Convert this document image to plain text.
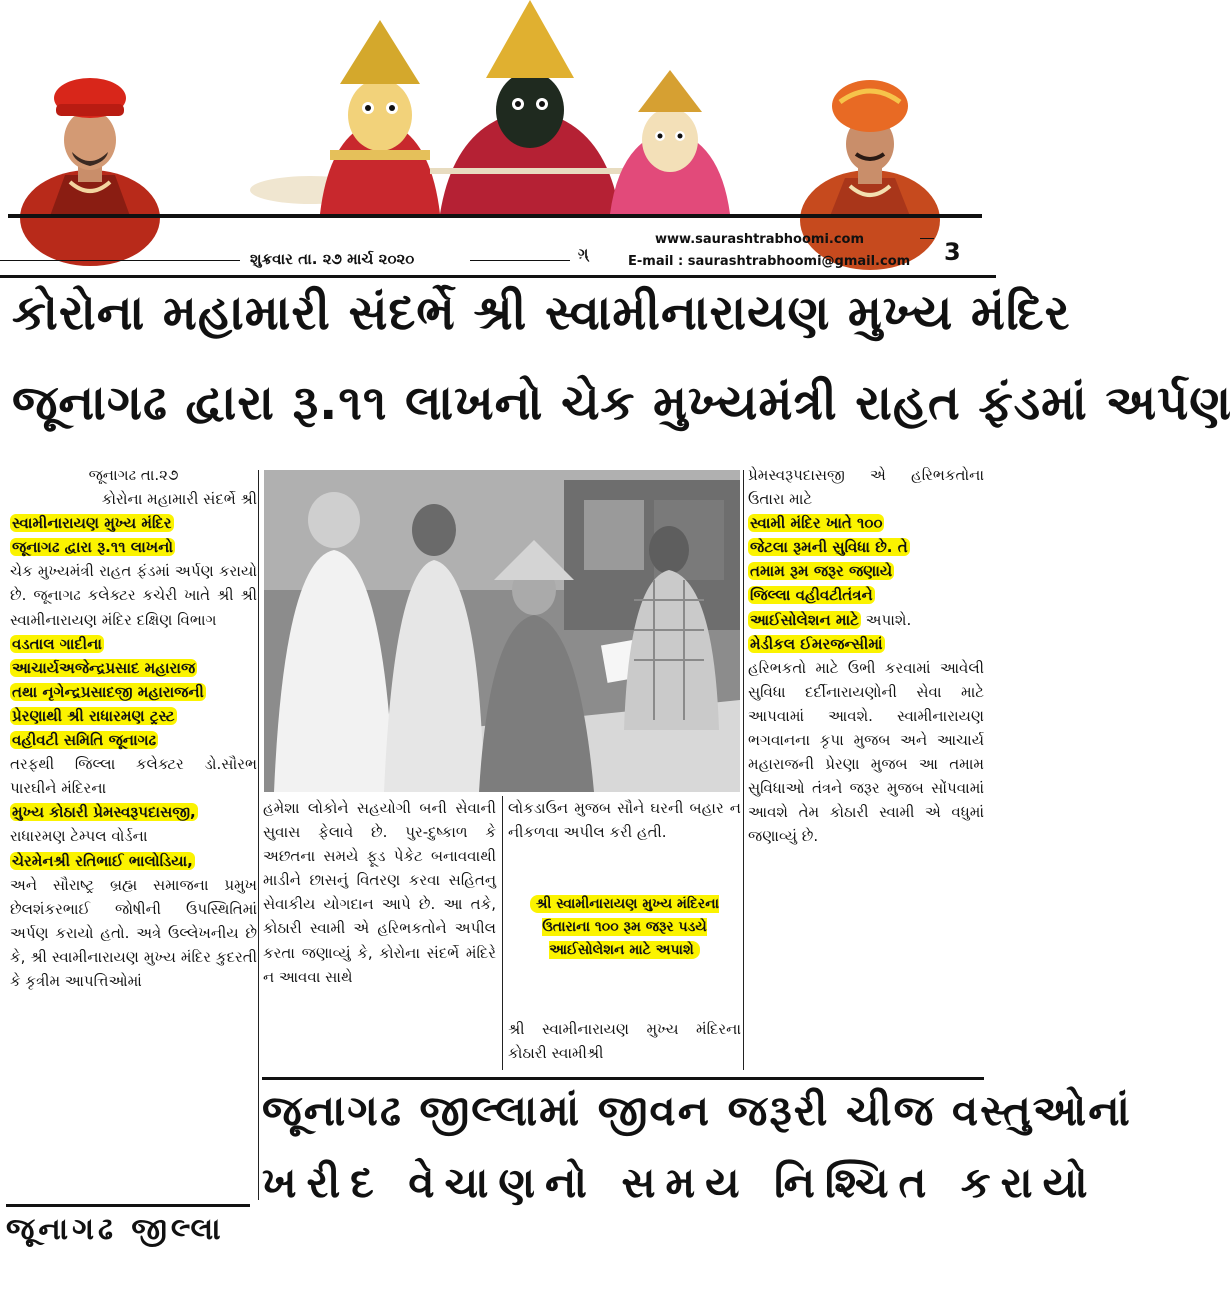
શુક્રવાર તા. ૨૭ માર્ચ ૨૦૨૦	ગ઼્
www.saurashtrabhoomi.com
E-mail : saurashtrabhoomi@gmail.com 3
કોરોના મહામારી સંદર્ભે શ્રી સ્વામીનારાયણ મુખ્ય મંદિર
જૂનાગઢ દ્વારા રૂ.૧૧ લાખનો ચેક મુખ્યમંત્રી રાહત ફંડમાં અર્પણ

જૂનાગઢ તા.૨૭

કોરોના મહામારી સંદર્ભે શ્રી

સ્વામીનારાયણ મુખ્ય મંદિર

જૂનાગઢ દ્વારા રૂ.૧૧ લાખનો

ચેક મુખ્યમંત્રી રાહત ફંડમાં અર્પણ કરાયો છે. જૂનાગઢ કલેક્ટર કચેરી ખાતે શ્રી શ્રી સ્વામીનારાયણ મંદિર દક્ષિણ વિભાગ

વડતાલ ગાદીના

આચાર્યઅજેન્દ્રપ્રસાદ મહારાજ

તથા નૃગેન્દ્રપ્રસાદજી મહારાજની

પ્રેરણાથી શ્રી રાધારમણ ટ્રસ્ટ

વહીવટી સમિતિ જૂનાગઢ

તરફથી જિલ્લા કલેક્ટર ડો.સૌરભ પારઘીને મંદિરના

મુખ્ય કોઠારી પ્રેમસ્વરૂપદાસજી,

રાધારમણ ટેમ્પલ વોર્ડના

ચેરમેનશ્રી રતિભાઈ ભાલોડિયા,

અને સૌરાષ્ટ્ર બ્રહ્મ સમાજના પ્રમુખ છેલશંકરભાઈ જોષીની ઉપસ્થિતિમાં અર્પણ કરાયો હતો. અત્રે ઉલ્લેખનીય છે કે, શ્રી સ્વામીનારાયણ મુખ્ય મંદિર કુદરતી કે કૃત્રીમ આપત્તિઓમાં

હમેશા લોકોને સહયોગી બની સેવાની સુવાસ ફેલાવે છે. પુર-દુષ્કાળ કે અછતના સમયે ફૂડ પેકેટ બનાવવાથી માડીને છાસનું વિતરણ કરવા સહિતનુ સેવાકીય યોગદાન આપે છે. આ તકે, કોઠારી સ્વામી એ હરિભકતોને અપીલ કરતા જણાવ્યું કે, કોરોના સંદર્ભે મંદિરે ન આવવા સાથે

લોકડાઉન મુજબ સૌને ઘરની બહાર ન નીકળવા અપીલ કરી હતી.

શ્રી સ્વામીનારાયણ મુખ્ય મંદિરના ઉતારાના ૧૦૦ રૂમ જરૂર પડયે આઈસોલેશન માટે અપાશે
શ્રી સ્વામીનારાયણ મુખ્ય મંદિરના કોઠારી સ્વામીશ્રી

પ્રેમસ્વરૂપદાસજી એ હરિભકતોના ઉતારા માટે

સ્વામી મંદિર ખાતે ૧૦૦

જેટલા રૂમની સુવિધા છે. તે

તમામ રૂમ જરૂર જણાયે

જિલ્લા વહીવટીતંત્રને

આઈસોલેશન માટે અપાશે.

મેડીકલ ઈમરજન્સીમાં

હરિભકતો માટે ઉભી કરવામાં આવેલી સુવિધા દર્દીનારાયણોની સેવા માટે આપવામાં આવશે. સ્વામીનારાયણ ભગવાનના કૃપા મુજબ અને આચાર્ય મહારાજની પ્રેરણા મુજબ આ તમામ સુવિધાઓ તંત્રને જરૂર મુજબ સોંપવામાં આવશે તેમ કોઠારી સ્વામી એ વધુમાં જણાવ્યું છે.

જૂનાગઢ જીલ્લામાં જીવન જરૂરી ચીજ વસ્તુઓનાં
ખરીદ વેચાણનો સમય નિશ્ચિત કરાયો
જૂનાગઢ જીલ્લા
